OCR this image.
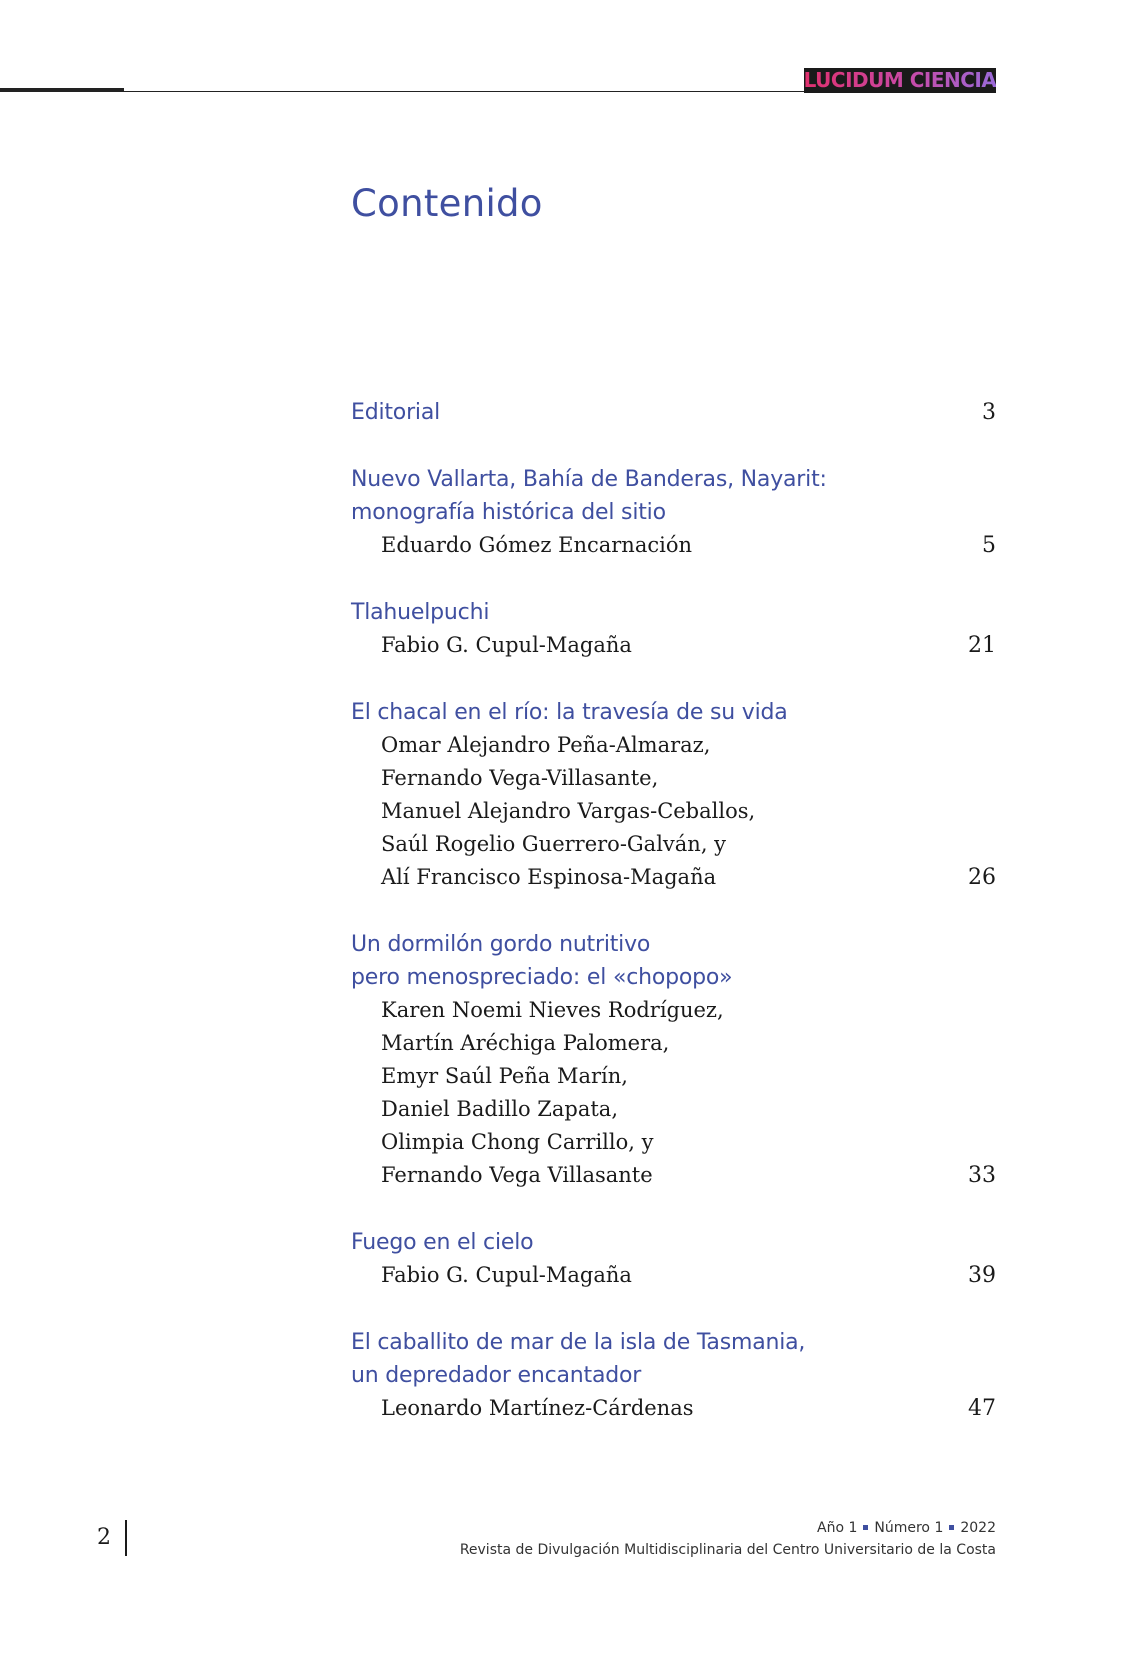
LUCIDUM CIENCIA
Contenido
Editorial	3
Nuevo Vallarta, Bahía de Banderas, Nayarit:
monografía histórica del sitio
Eduardo Gómez Encarnación	5
Tlahuelpuchi
Fabio G. Cupul-Magaña	21
El chacal en el río: la travesía de su vida
Omar Alejandro Peña-Almaraz,
Fernando Vega-Villasante,
Manuel Alejandro Vargas-Ceballos,
Saúl Rogelio Guerrero-Galván, y
Alí Francisco Espinosa-Magaña	26
Un dormilón gordo nutritivo
pero menospreciado: el «chopopo»
Karen Noemi Nieves Rodríguez,
Martín Aréchiga Palomera,
Emyr Saúl Peña Marín,
Daniel Badillo Zapata,
Olimpia Chong Carrillo, y
Fernando Vega Villasante	33
Fuego en el cielo
Fabio G. Cupul-Magaña	39
El caballito de mar de la isla de Tasmania,
un depredador encantador
Leonardo Martínez-Cárdenas	47
2	Año 1 Número 1 2022
Revista de Divulgación Multidisciplinaria del Centro Universitario de la Costa
